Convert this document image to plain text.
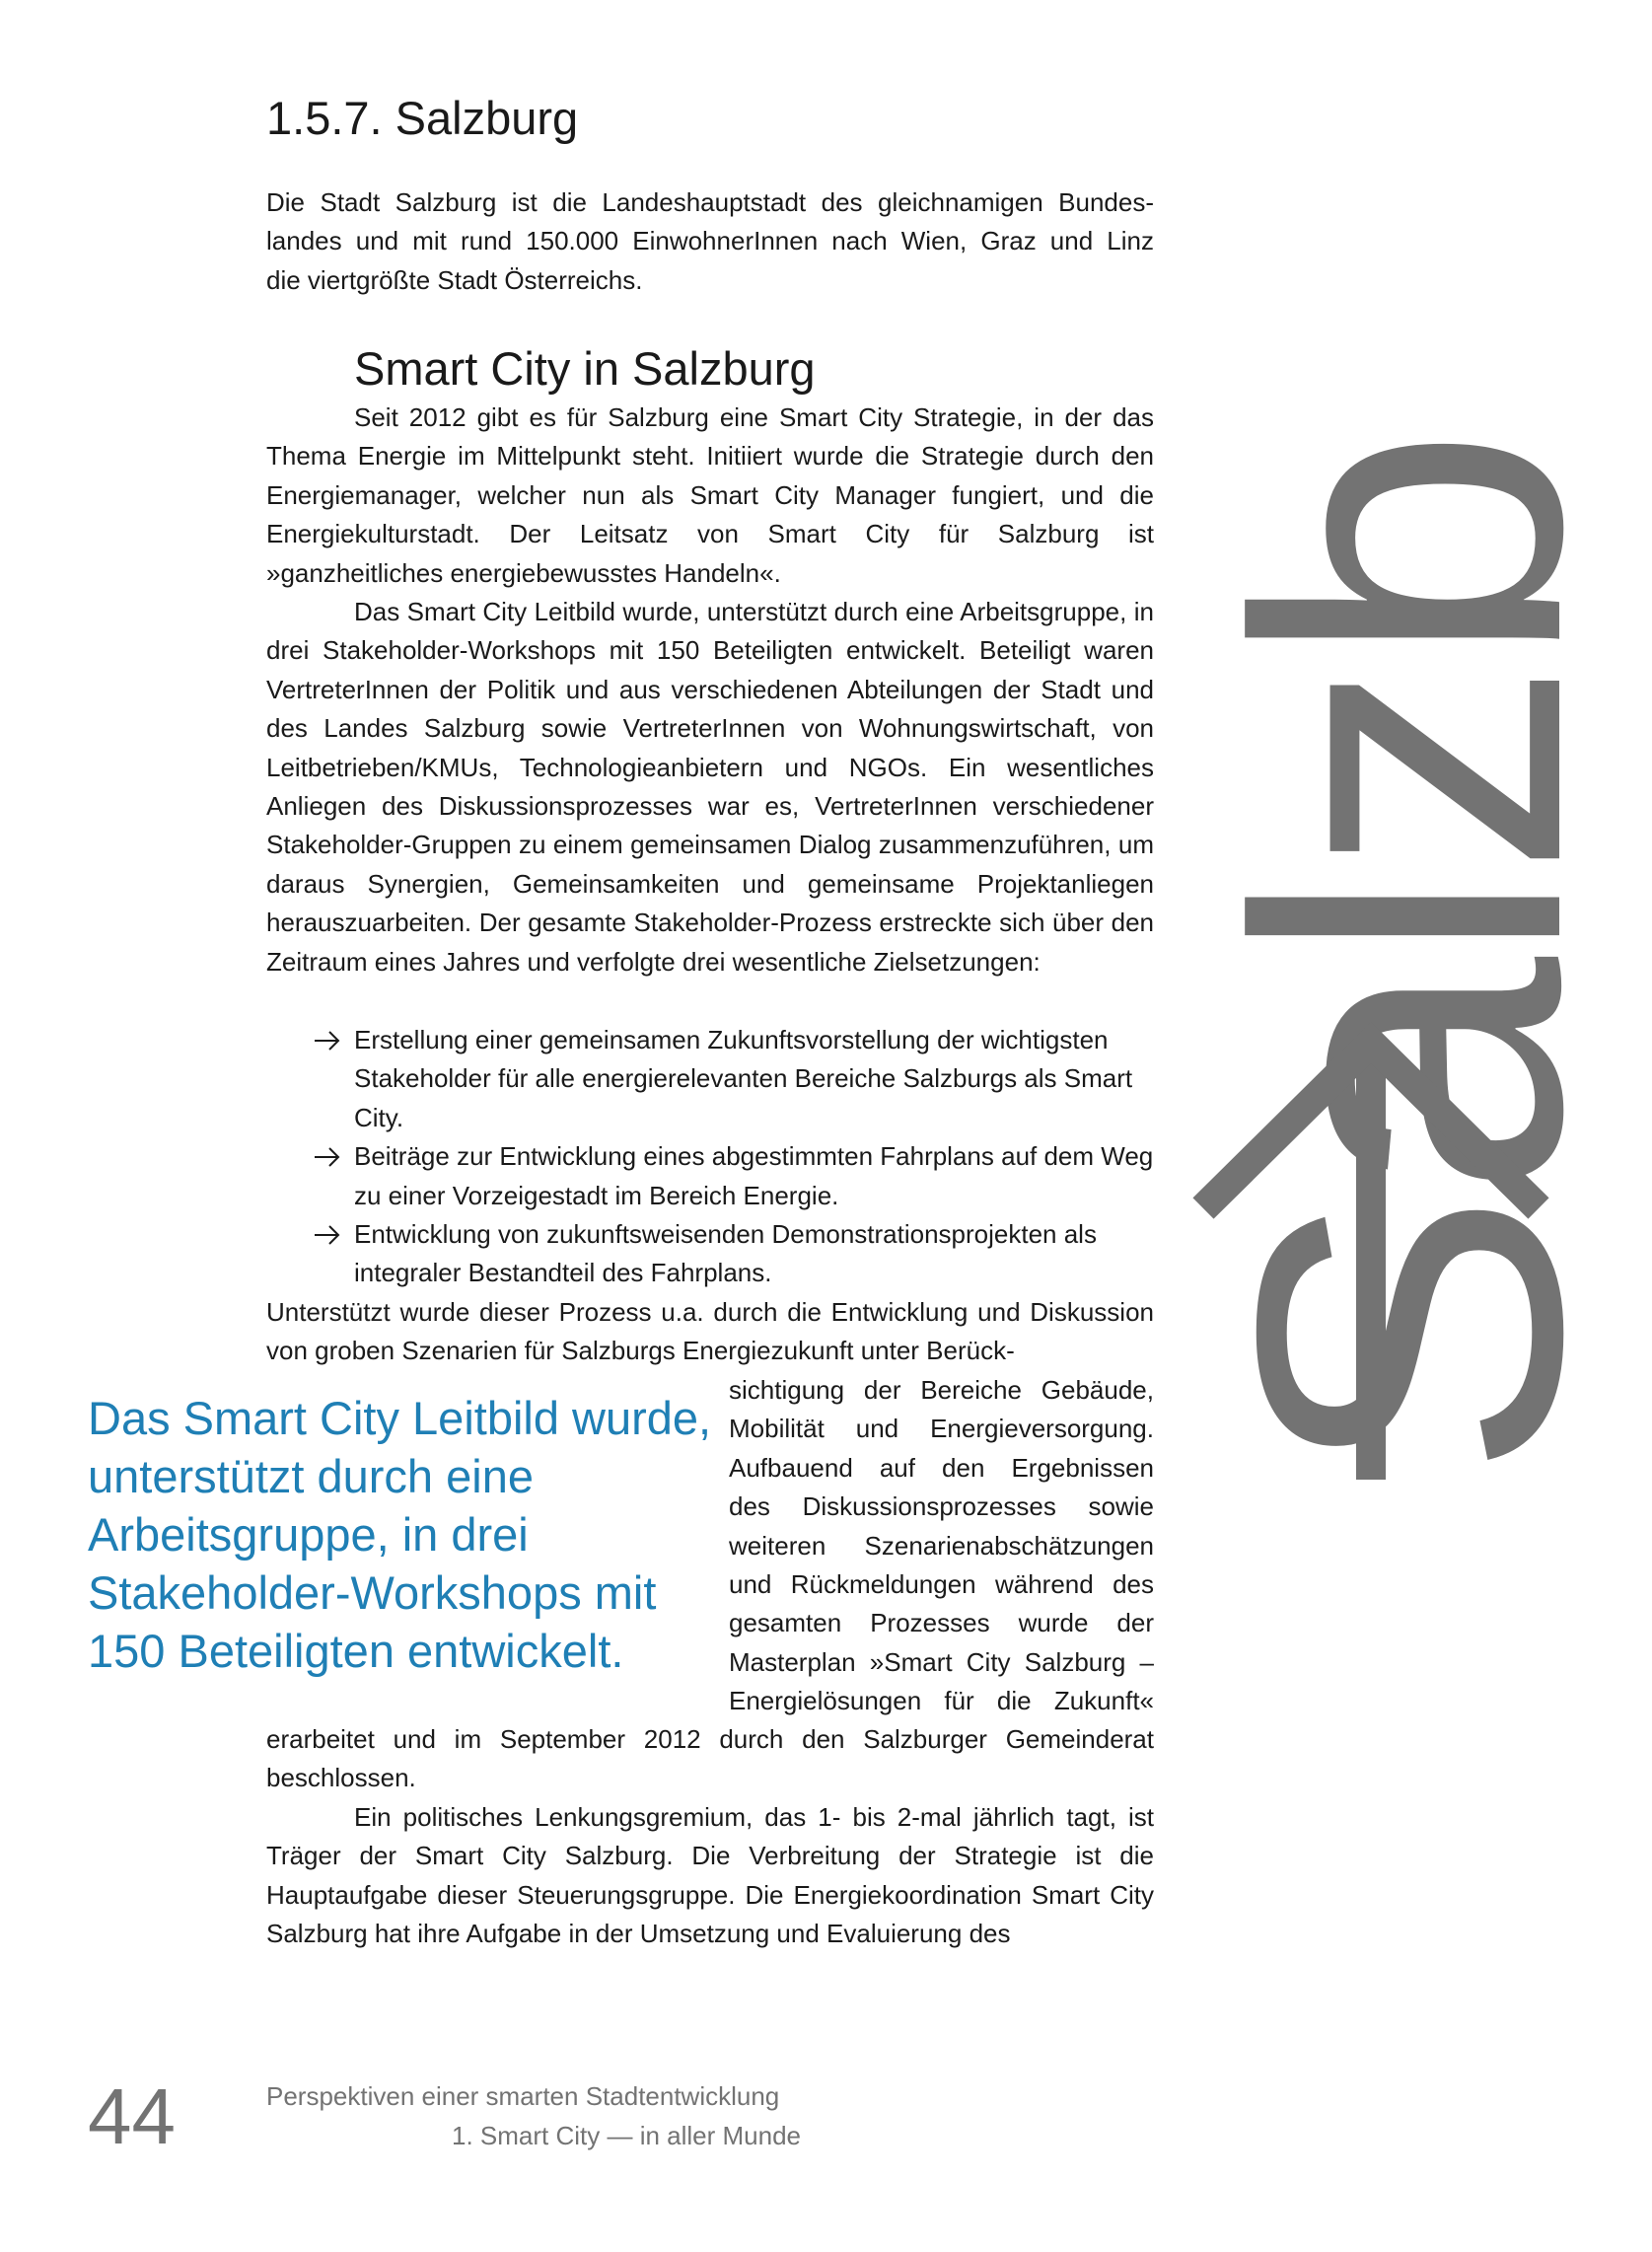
Salzb
1.5.7. Salzburg

Die Stadt Salzburg ist die Landeshauptstadt des gleichnamigen Bundes-

landes und mit rund 150.000 EinwohnerInnen nach Wien, Graz und Linz

die viertgrößte Stadt Österreichs.

Smart City in Salzburg

Seit 2012 gibt es für Salzburg eine Smart City Strategie, in der das Thema Energie im Mittelpunkt steht. Initiiert wurde die Strategie durch den Energiemanager, welcher nun als Smart City Manager fungiert, und die Energiekulturstadt. Der Leitsatz von Smart City für Salzburg ist »ganzheitliches energiebewusstes Handeln«.

Das Smart City Leitbild wurde, unterstützt durch eine Arbeitsgruppe, in drei Stakeholder-Workshops mit 150 Beteiligten entwickelt. Beteiligt waren VertreterInnen der Politik und aus verschiedenen Abteilungen der Stadt und des Landes Salzburg sowie VertreterInnen von Wohnungswirtschaft, von Leitbetrieben/KMUs, Technologieanbietern und NGOs. Ein wesentliches Anliegen des Diskussionsprozesses war es, VertreterInnen verschiedener Stakeholder-Gruppen zu einem gemeinsamen Dialog zusammenzuführen, um daraus Synergien, Gemeinsamkeiten und gemeinsame Projektanliegen herauszuarbeiten. Der gesamte Stakeholder-Prozess erstreckte sich über den Zeitraum eines Jahres und verfolgte drei wesentliche Zielsetzungen:

Erstellung einer gemeinsamen Zukunftsvorstellung der wichtigsten Stakeholder für alle energierelevanten Bereiche Salzburgs als Smart City.
Beiträge zur Entwicklung eines abgestimmten Fahrplans auf dem Weg zu einer Vorzeigestadt im Bereich Energie.
Entwicklung von zukunftsweisenden Demonstrationsprojekten als integraler Bestandteil des Fahrplans.

Unterstützt wurde dieser Prozess u.a. durch die Entwicklung und Diskussion von groben Szenarien für Salzburgs Energiezukunft unter Berück-

Das Smart City Leitbild wurde, unterstützt durch eine Arbeitsgruppe, in drei Stakeholder-Workshops mit 150 Beteiligten entwickelt.

sichtigung der Bereiche Gebäude,

Mobilität und Energieversorgung.

Aufbauend auf den Ergebnissen

des Diskussionsprozesses sowie

weiteren Szenarienabschätzungen

und Rückmeldungen während des

gesamten Prozesses wurde der

Masterplan »Smart City Salzburg –

Energielösungen für die Zukunft«

erarbeitet und im September 2012 durch den Salzburger Gemeinderat beschlossen.

Ein politisches Lenkungsgremium, das 1- bis 2-mal jährlich tagt, ist Träger der Smart City Salzburg. Die Verbreitung der Strategie ist die Hauptaufgabe dieser Steuerungsgruppe. Die Energiekoordination Smart City Salzburg hat ihre Aufgabe in der Umsetzung und Evaluierung des

44	Perspektiven einer smarten Stadtentwicklung
1. Smart City — in aller Munde
